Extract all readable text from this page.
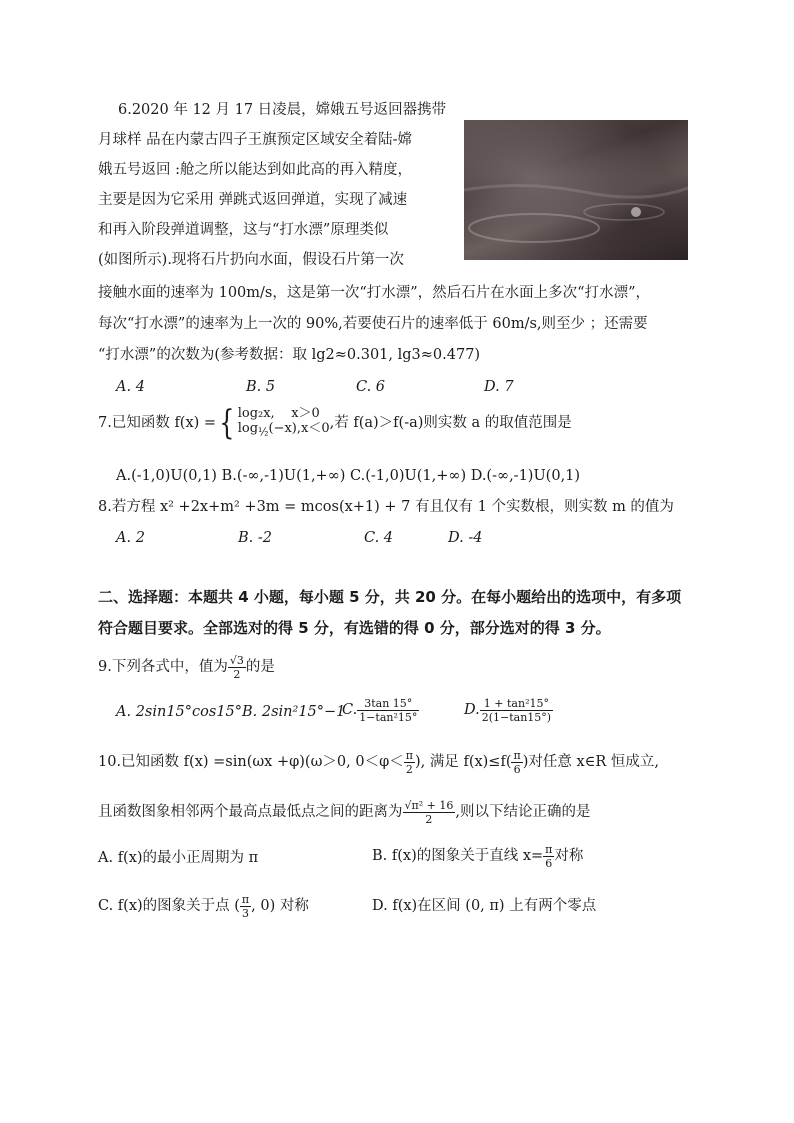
6.2020 年 12 月 17 日凌晨，嫦娥五号返回器携带
月球样 品在内蒙古四子王旗预定区域安全着陆-嫦
娥五号返回 :舱之所以能达到如此高的再入精度，
主要是因为它采用 弹跳式返回弹道，实现了减速
和再入阶段弹道调整，这与“打水漂”原理类似
(如图所示).现将石片扔向水面，假设石片第一次
接触水面的速率为 100m/s，这是第一次“打水漂”，然后石片在水面上多次“打水漂”，
每次“打水漂”的速率为上一次的 90%,若要使石片的速率低于 60m/s,则至少 ；还需要
“打水漂”的次数为(参考数据：取 lg2≈0.301, lg3≈0.477)
A. 4	B. 5	C. 6	D. 7
7.已知函数 f(x) ={ log₂x, x＞0
$\log_{\frac{1}{2}}(-x),x<0$ ,若 f(a)＞f(-a)则实数 a 的取值范围是
A.(-1,0)U(0,1) B.(-∞,-1)U(1,+∞) C.(-1,0)U(1,+∞) D.(-∞,-1)U(0,1)
8.若方程 x² +2x+m² +3m = mcos(x+1) + 7 有且仅有 1 个实数根，则实数 m 的值为
A. 2	B. -2	C. 4	D. -4
二、选择题：本题共 4 小题，每小题 5 分，共 20 分。在每小题给出的选项中，有多项
符合题目要求。全部选对的得 5 分，有选错的得 0 分，部分选对的得 3 分。
9.下列各式中，值为 $\frac{√3}{2}$ 的是
A. 2sin15°cos15° B. 2sin²15°−1
C. $\frac{3\tan 15^\circ}{\text{1−tan²15°}}$	D. $\frac{\text{1 + tan²15°}}{2(1-\tan 15^\circ)}$
10.已知函数 f(x) =sin(ωx +φ)(ω＞0, $0<\varphi< \frac{\pi}{2}$ ), 满足 $f(x)\le f( \frac{\pi}{6}$ )对任意 x∈R 恒成立,
且函数图象相邻两个最高点最低点之间的距离为 $\frac{\text{√π² + 16}}{2}$ ,则以下结论正确的是
A. f(x)的最小正周期为 π	B. f(x)的图象关于直线 $x= \frac{\pi}{6}$ 对称
C. f(x)的图象关于点 ( $\frac{\pi}{3}$ , 0) 对称	D. f(x)在区间 (0, π) 上有两个零点
